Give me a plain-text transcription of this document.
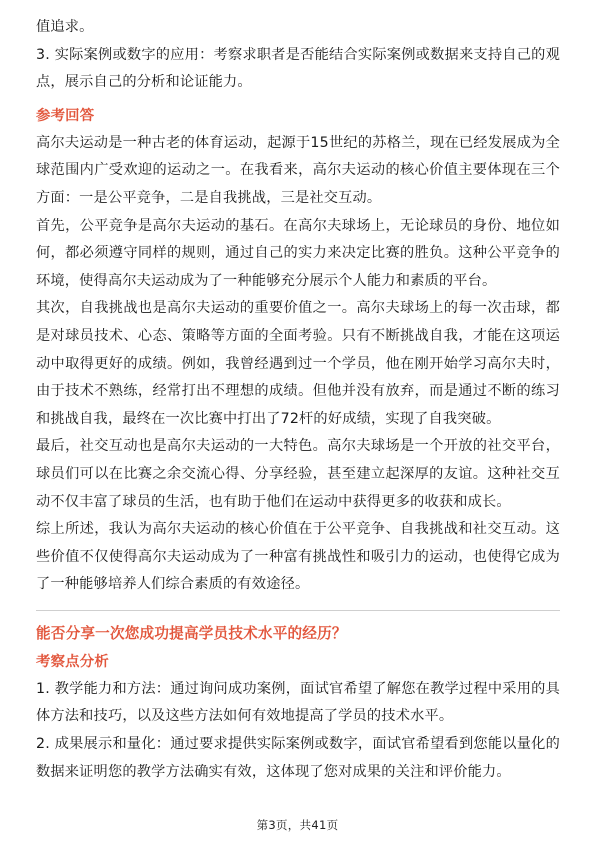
值追求。

3. 实际案例或数字的应用：考察求职者是否能结合实际案例或数据来支持自己的观点，展示自己的分析和论证能力。

参考回答

高尔夫运动是一种古老的体育运动，起源于15世纪的苏格兰，现在已经发展成为全球范围内广受欢迎的运动之一。在我看来，高尔夫运动的核心价值主要体现在三个方面：一是公平竞争，二是自我挑战，三是社交互动。

首先，公平竞争是高尔夫运动的基石。在高尔夫球场上，无论球员的身份、地位如何，都必须遵守同样的规则，通过自己的实力来决定比赛的胜负。这种公平竞争的环境，使得高尔夫运动成为了一种能够充分展示个人能力和素质的平台。

其次，自我挑战也是高尔夫运动的重要价值之一。高尔夫球场上的每一次击球，都是对球员技术、心态、策略等方面的全面考验。只有不断挑战自我，才能在这项运动中取得更好的成绩。例如，我曾经遇到过一个学员，他在刚开始学习高尔夫时，由于技术不熟练，经常打出不理想的成绩。但他并没有放弃，而是通过不断的练习和挑战自我，最终在一次比赛中打出了72杆的好成绩，实现了自我突破。

最后，社交互动也是高尔夫运动的一大特色。高尔夫球场是一个开放的社交平台，球员们可以在比赛之余交流心得、分享经验，甚至建立起深厚的友谊。这种社交互动不仅丰富了球员的生活，也有助于他们在运动中获得更多的收获和成长。

综上所述，我认为高尔夫运动的核心价值在于公平竞争、自我挑战和社交互动。这些价值不仅使得高尔夫运动成为了一种富有挑战性和吸引力的运动，也使得它成为了一种能够培养人们综合素质的有效途径。

能否分享一次您成功提高学员技术水平的经历？

考察点分析

1. 教学能力和方法：通过询问成功案例，面试官希望了解您在教学过程中采用的具体方法和技巧，以及这些方法如何有效地提高了学员的技术水平。

2. 成果展示和量化：通过要求提供实际案例或数字，面试官希望看到您能以量化的数据来证明您的教学方法确实有效，这体现了您对成果的关注和评价能力。

第3页，共41页
